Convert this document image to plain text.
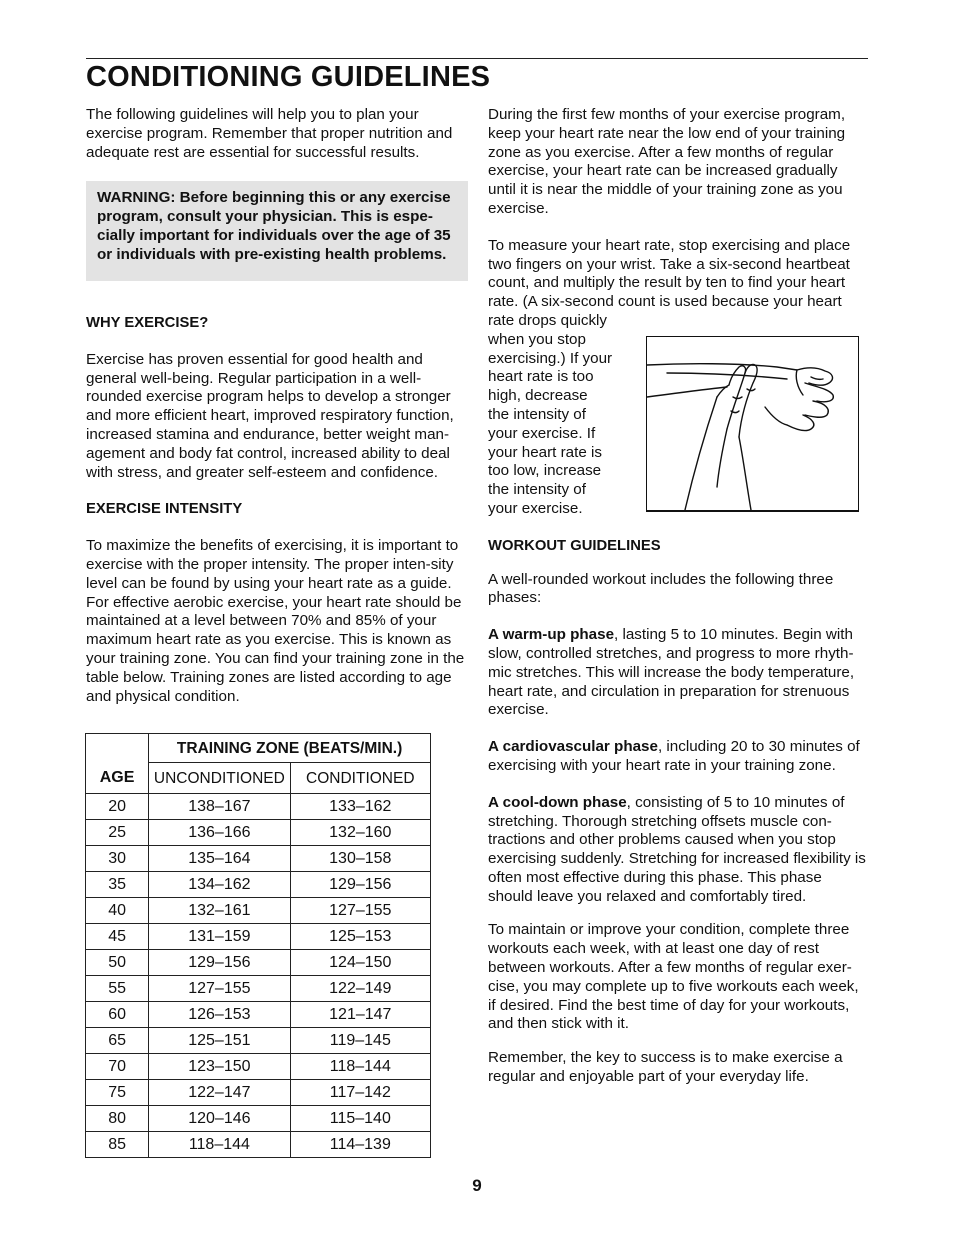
CONDITIONING GUIDELINES

The following guidelines will help you to plan your exercise program. Remember that proper nutrition and adequate rest are essential for successful results.

WARNING: Before beginning this or any exercise program, consult your physician. This is espe-cially important for individuals over the age of 35 or individuals with pre-existing health problems.

WHY EXERCISE?

Exercise has proven essential for good health and general well-being. Regular participation in a well-rounded exercise program helps to develop a stronger and more efficient heart, improved respiratory function, increased stamina and endurance, better weight man-agement and body fat control, increased ability to deal with stress, and greater self-esteem and confidence.

EXERCISE INTENSITY

To maximize the benefits of exercising, it is important to exercise with the proper intensity. The proper inten-sity level can be found by using your heart rate as a guide. For effective aerobic exercise, your heart rate should be maintained at a level between 70% and 85% of your maximum heart rate as you exercise. This is known as your training zone. You can find your training zone in the table below. Training zones are listed according to age and physical condition.

AGE	TRAINING ZONE (BEATS/MIN.)	
	UNCONDITIONED	CONDITIONED
20	138–167	133–162
25	136–166	132–160
30	135–164	130–158
35	134–162	129–156
40	132–161	127–155
45	131–159	125–153
50	129–156	124–150
55	127–155	122–149
60	126–153	121–147
65	125–151	119–145
70	123–150	118–144
75	122–147	117–142
80	120–146	115–140
85	118–144	114–139

During the first few months of your exercise program, keep your heart rate near the low end of your training zone as you exercise. After a few months of regular exercise, your heart rate can be increased gradually until it is near the middle of your training zone as you exercise.

To measure your heart rate, stop exercising and place two fingers on your wrist. Take a six-second heartbeat count, and multiply the result by ten to find your heart rate. (A six-second count is used because your heart

rate drops quickly
when you stop
exercising.) If your
heart rate is too
high, decrease
the intensity of
your exercise. If
your heart rate is
too low, increase
the intensity of
your exercise.

WORKOUT GUIDELINES

A well-rounded workout includes the following three phases:

A warm-up phase, lasting 5 to 10 minutes. Begin with slow, controlled stretches, and progress to more rhyth-mic stretches. This will increase the body temperature, heart rate, and circulation in preparation for strenuous exercise.

A cardiovascular phase, including 20 to 30 minutes of exercising with your heart rate in your training zone.

A cool-down phase, consisting of 5 to 10 minutes of stretching. Thorough stretching offsets muscle con-tractions and other problems caused when you stop exercising suddenly. Stretching for increased flexibility is often most effective during this phase. This phase should leave you relaxed and comfortably tired.

To maintain or improve your condition, complete three workouts each week, with at least one day of rest between workouts. After a few months of regular exer-cise, you may complete up to five workouts each week, if desired. Find the best time of day for your workouts, and then stick with it.

Remember, the key to success is to make exercise a regular and enjoyable part of your everyday life.

9
